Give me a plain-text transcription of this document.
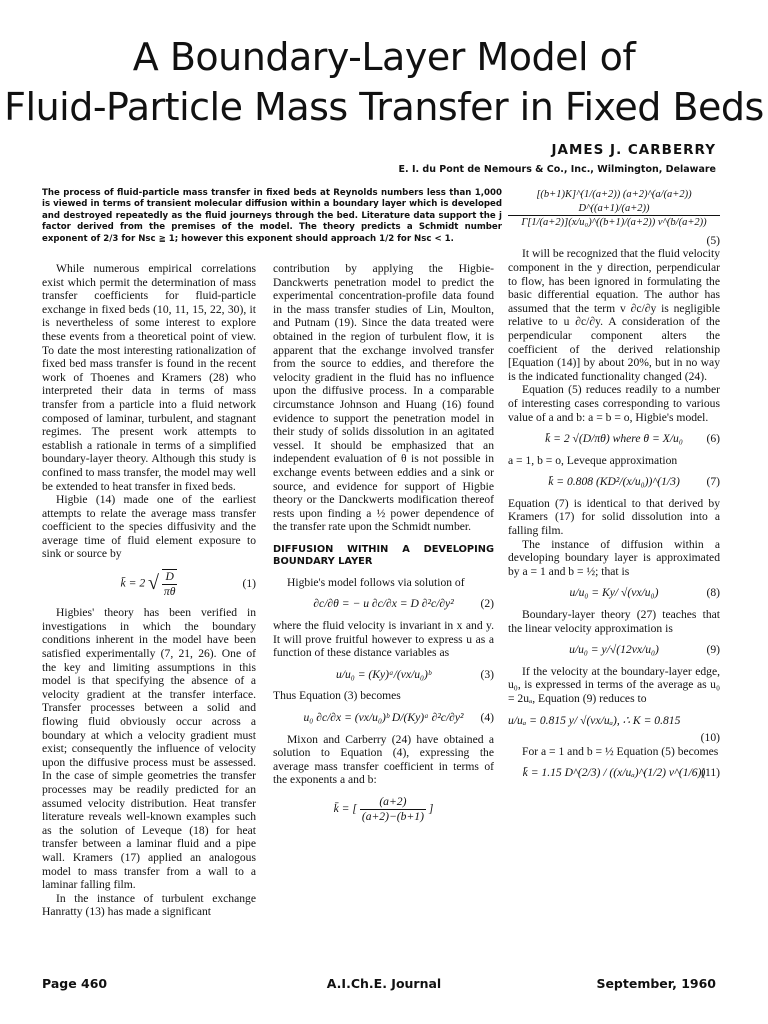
A Boundary-Layer Model of
Fluid-Particle Mass Transfer in Fixed Beds
JAMES J. CARBERRY
E. I. du Pont de Nemours & Co., Inc., Wilmington, Delaware
The process of fluid-particle mass transfer in fixed beds at Reynolds numbers less than 1,000 is viewed in terms of transient molecular diffusion within a boundary layer which is developed and destroyed repeatedly as the fluid journeys through the bed. Literature data support the j factor derived from the premises of the model. The theory predicts a Schmidt number exponent of 2/3 for Nsc ≧ 1; however this exponent should approach 1/2 for Nsc < 1.

While numerous empirical correlations exist which permit the determination of mass transfer coefficients for fluid-particle exchange in fixed beds (10, 11, 15, 22, 30), it is nevertheless of some interest to explore these events from a theoretical point of view. To date the most interesting rationalization of fixed bed mass transfer is found in the recent work of Thoenes and Kramers (28) who interpreted their data in terms of mass transfer from a particle into a fluid network composed of laminar, turbulent, and stagnant regimes. The present work attempts to establish a rationale in terms of a simplified boundary-layer theory. Although this study is confined to mass transfer, the model may well be extended to heat transfer in fixed beds.

Higbie (14) made one of the earliest attempts to relate the average mass transfer coefficient to the species diffusivity and the average time of fluid element exposure to sink or source by

k̄ = 2 √ $\frac{D}{\pi\theta}$	(1)

Higbies' theory has been verified in investigations in which the boundary conditions inherent in the model have been satisfied experimentally (7, 21, 26). One of the key and limiting assumptions in this model is that specifying the absence of a velocity gradient at the transfer interface. Transfer processes between a solid and flowing fluid obviously occur across a boundary at which a velocity gradient must exist; consequently the influence of velocity upon the diffusive process must be assessed. In the case of simple geometries the transfer processes may be readily predicted for an assumed velocity distribution. Heat transfer literature reveals well-known examples such as the solution of Leveque (18) for heat transfer between a laminar fluid and a pipe wall. Kramers (17) applied an analogous model to mass transfer from a wall to a laminar falling film.

In the instance of turbulent exchange Hanratty (13) has made a significant

contribution by applying the Higbie-Danckwerts penetration model to predict the experimental concentration-profile data found in the mass transfer studies of Lin, Moulton, and Putnam (19). Since the data treated were obtained in the region of turbulent flow, it is apparent that the exchange involved transfer from the source to eddies, and therefore the velocity gradient in the fluid has no influence upon the diffusive process. In a comparable circumstance Johnson and Huang (16) found evidence to support the penetration model in their study of solids dissolution in an agitated vessel. It should be emphasized that an independent evaluation of θ is not possible in exchange events between eddies and a sink or source, and evidence for support of Higbie theory or the Danckwerts modification thereof rests upon finding a ½ power dependence of the transfer rate upon the Schmidt number.

DIFFUSION WITHIN A DEVELOPING BOUNDARY LAYER

Higbie's model follows via solution of

∂c/∂θ = − u ∂c/∂x = D ∂²c/∂y² (2)

where the fluid velocity is invariant in x and y. It will prove fruitful however to express u as a function of these distance variables as

u/u₀ = (Ky)ᵃ/(νx/u₀)ᵇ	(3)

Thus Equation (3) becomes

u₀ ∂c/∂x = (νx/u₀)ᵇ D/(Ky)ᵃ ∂²c/∂y² (4)

Mixon and Carberry (24) have obtained a solution to Equation (4), expressing the average mass transfer coefficient in terms of the exponents a and b:

k̄ = [ $\frac{(a+2)}{(a+2)-(b+1)}$ ]
$\frac{[(b+1)K]\^{}(1/(a+2)) (a+2)\^{}(a/(a+2)) D\^{}((a+1)/(a+2))}{\text{Γ[1/(a+2)](x/u₀)\textasciicircum{}((b+1)/(a+2)) ν\textasciicircum{}(b/(a+2))}}$
(5)

It will be recognized that the fluid velocity component in the y direction, perpendicular to flow, has been ignored in formulating the basic differential equation. The author has assumed that the term v ∂c/∂y is negligible relative to u ∂c/∂y. A consideration of the perpendicular component alters the coefficient of the derived relationship [Equation (14)] by about 20%, but in no way is the indicated functionality changed (24).

Equation (5) reduces readily to a number of interesting cases corresponding to various value of a and b: a = b = o, Higbie's model.

k̄ = 2 √(D/πθ) where θ = X/u₀ (6)

a = 1, b = o, Leveque approximation

k̄ = 0.808 (KD²/(x/u₀))^(1/3) (7)

Equation (7) is identical to that derived by Kramers (17) for solid dissolution into a falling film.

The instance of diffusion within a developing boundary layer is approximated by a = 1 and b = ½; that is

u/u₀ = Ky/ √(νx/u₀)	(8)

Boundary-layer theory (27) teaches that the linear velocity approximation is

u/u₀ = y/√(12νx/u₀)	(9)

If the velocity at the boundary-layer edge, u₀, is expressed in terms of the average as u₀ = 2uₐ, Equation (9) reduces to

u/uₐ = 0.815 y/ √(νx/uₐ), ∴ K = 0.815
(10)

For a = 1 and b = ½ Equation (5) becomes

k̄ = 1.15 D^(2/3) / ((x/uₐ)^(1/2) ν^(1/6))
(11)
Page 460	A.I.Ch.E. Journal	September, 1960
